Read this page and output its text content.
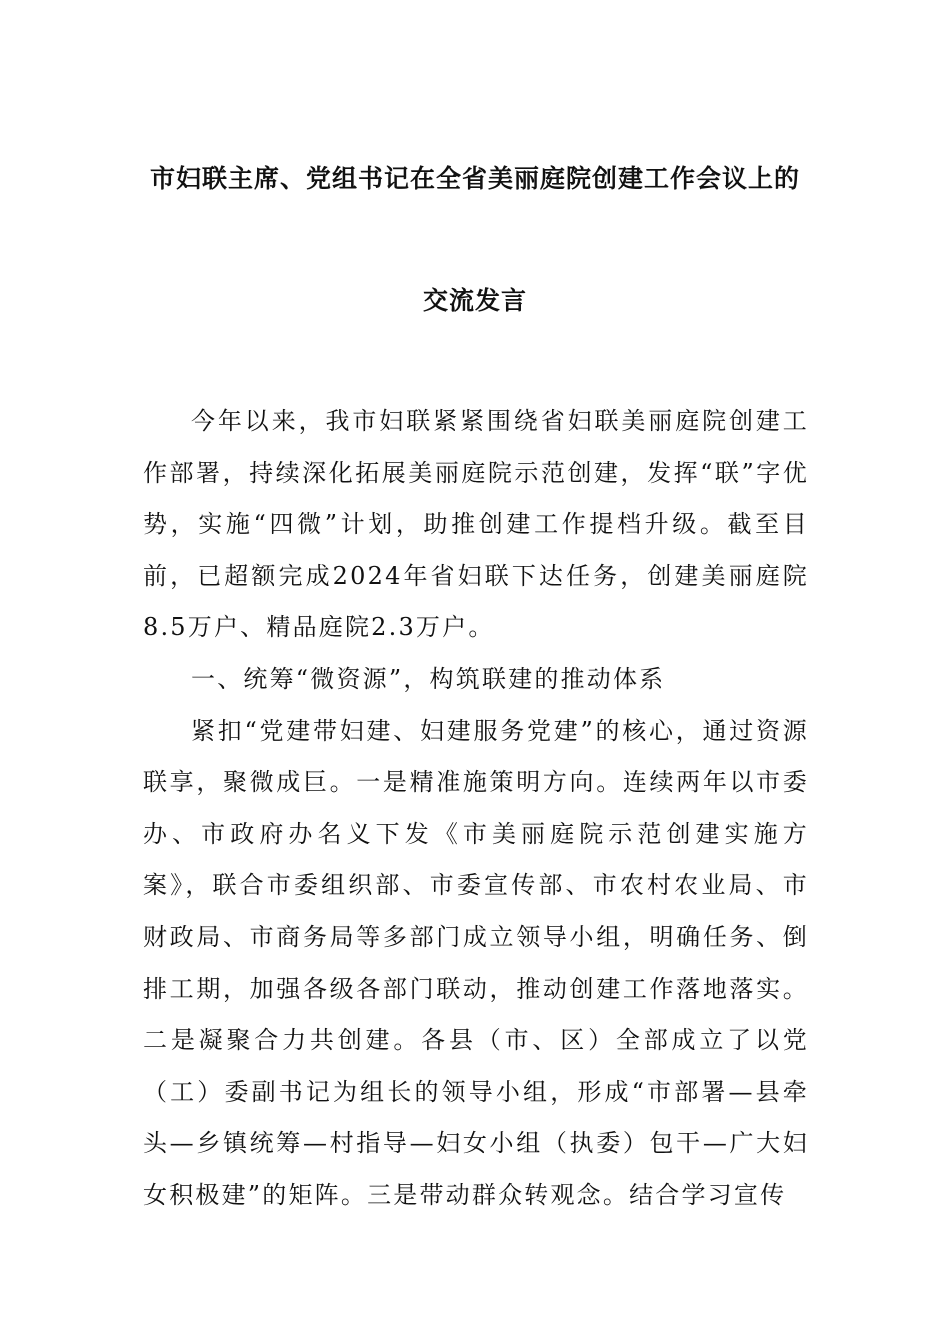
市妇联主席、党组书记在全省美丽庭院创建工作会议上的
交流发言

今年以来，我市妇联紧紧围绕省妇联美丽庭院创建工作部署，持续深化拓展美丽庭院示范创建，发挥“联”字优势，实施“四微”计划，助推创建工作提档升级。截至目前，已超额完成2024年省妇联下达任务，创建美丽庭院8.5万户、精品庭院2.3万户。

一、统筹“微资源”，构筑联建的推动体系

紧扣“党建带妇建、妇建服务党建”的核心，通过资源联享，聚微成巨。一是精准施策明方向。连续两年以市委办、市政府办名义下发《市美丽庭院示范创建实施方案》，联合市委组织部、市委宣传部、市农村农业局、市财政局、市商务局等多部门成立领导小组，明确任务、倒排工期，加强各级各部门联动，推动创建工作落地落实。二是凝聚合力共创建。各县（市、区）全部成立了以党（工）委副书记为组长的领导小组，形成“市部署—县牵头—乡镇统筹—村指导—妇女小组（执委）包干—广大妇女积极建”的矩阵。三是带动群众转观念。结合学习宣传
